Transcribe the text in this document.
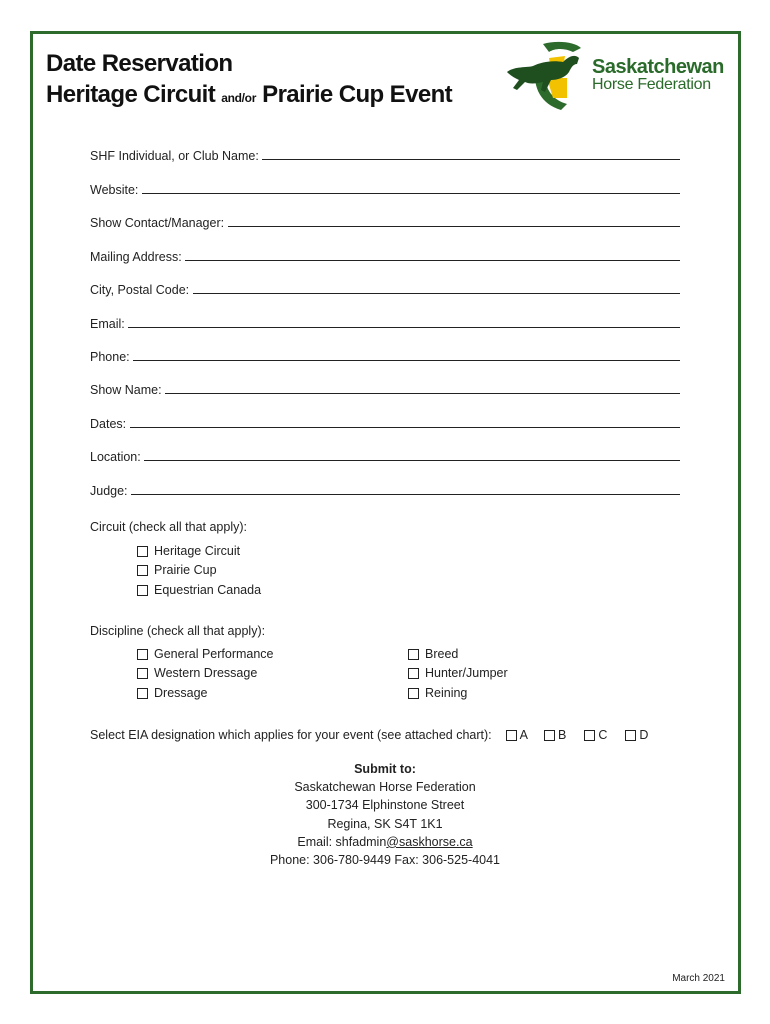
Date Reservation
Heritage Circuit and/or Prairie Cup Event
Saskatchewan
Horse Federation
SHF Individual, or Club Name:
Website:
Show Contact/Manager:
Mailing Address:
City, Postal Code:
Email:
Phone:
Show Name:
Dates:
Location:
Judge:
Circuit (check all that apply):
Heritage Circuit
Prairie Cup
Equestrian Canada
Discipline (check all that apply):
General Performance
Western Dressage
Dressage
Breed
Hunter/Jumper
Reining
Select EIA designation which applies for your event (see attached chart): A B	C	D
Submit to:
Saskatchewan Horse Federation
300-1734 Elphinstone Street
Regina, SK S4T 1K1
Email: shfadmin@saskhorse.ca
Phone: 306-780-9449 Fax: 306-525-4041
March 2021
